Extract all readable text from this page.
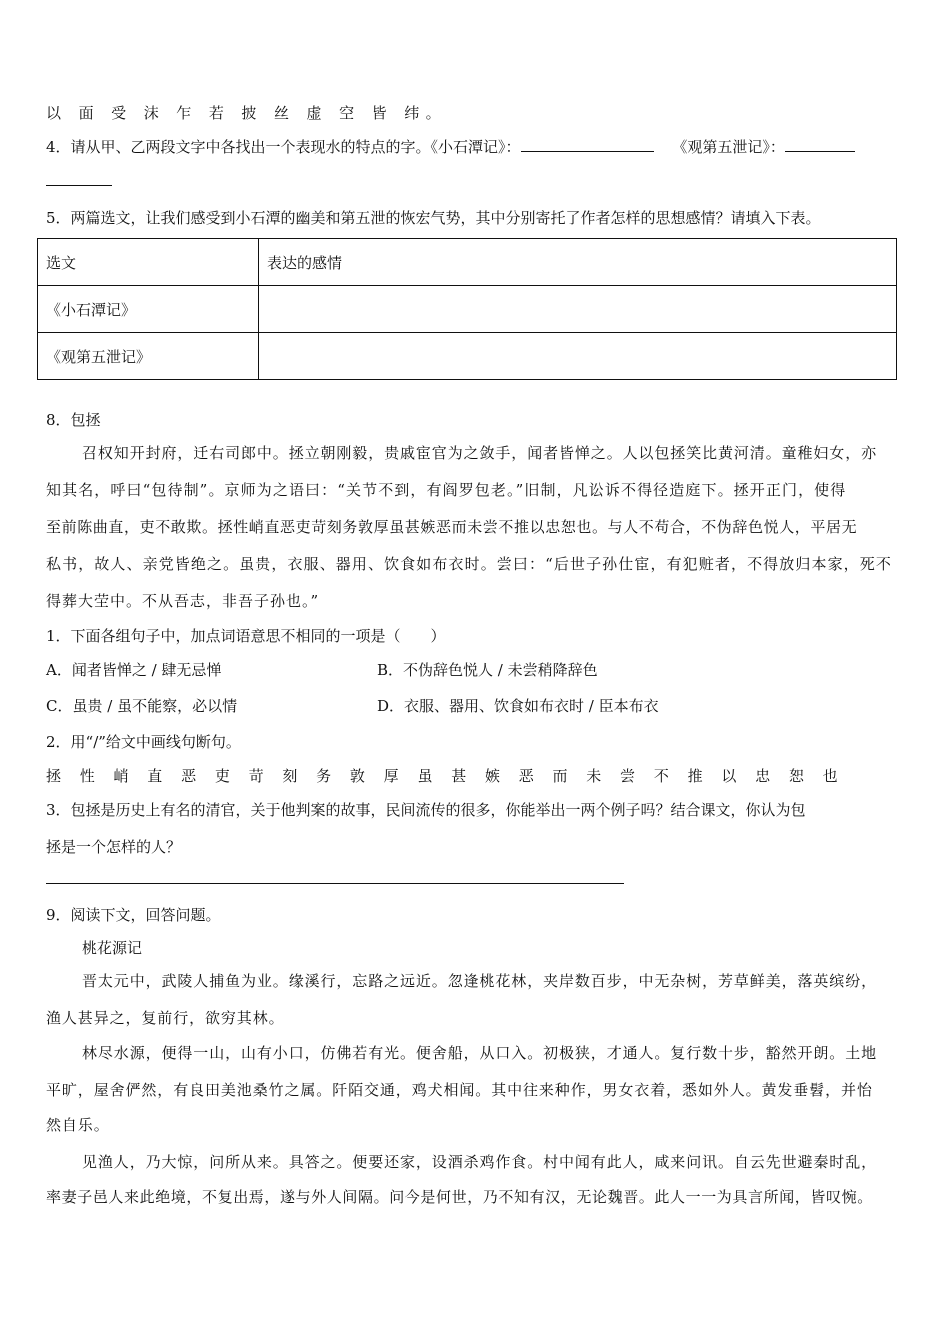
以 面 受 沫 乍 若 披 丝 虚 空 皆 纬。
4．请从甲、乙两段文字中各找出一个表现水的特点的字。《小石潭记》：	《观第五泄记》：
5．两篇选文，让我们感受到小石潭的幽美和第五泄的恢宏气势，其中分别寄托了作者怎样的思想感情？请填入下表。
选文	表达的感情
《小石潭记》	
《观第五泄记》	
8．包拯
召权知开封府，迁右司郎中。拯立朝刚毅，贵戚宦官为之敛手，闻者皆惮之。人以包拯笑比黄河清。童稚妇女，亦
知其名，呼曰“包待制”。京师为之语曰：“关节不到，有阎罗包老。”旧制，凡讼诉不得径造庭下。拯开正门，使得
至前陈曲直，吏不敢欺。拯性峭直恶吏苛刻务敦厚虽甚嫉恶而未尝不推以忠恕也。与人不苟合，不伪辞色悦人，平居无
私书，故人、亲党皆绝之。虽贵，衣服、器用、饮食如布衣时。尝曰：“后世子孙仕宦，有犯赃者，不得放归本家，死不
得葬大茔中。不从吾志，非吾子孙也。”
1．下面各组句子中，加点词语意思不相同的一项是（　　）
A．闻者皆惮之 / 肆无忌惮	B．不伪辞色悦人 / 未尝稍降辞色
C．虽贵 / 虽不能察，必以情	D．衣服、器用、饮食如布衣时 / 臣本布衣
2．用“/”给文中画线句断句。
拯 性 峭 直 恶 吏 苛 刻 务 敦 厚 虽 甚 嫉 恶 而 未 尝 不 推 以 忠 恕 也
3．包拯是历史上有名的清官，关于他判案的故事，民间流传的很多，你能举出一两个例子吗？结合课文，你认为包
拯是一个怎样的人？
9．阅读下文，回答问题。
桃花源记
晋太元中，武陵人捕鱼为业。缘溪行，忘路之远近。忽逢桃花林，夹岸数百步，中无杂树，芳草鲜美，落英缤纷，
渔人甚异之，复前行，欲穷其林。
林尽水源，便得一山，山有小口，仿佛若有光。便舍船，从口入。初极狭，才通人。复行数十步，豁然开朗。土地
平旷，屋舍俨然，有良田美池桑竹之属。阡陌交通，鸡犬相闻。其中往来种作，男女衣着，悉如外人。黄发垂髫，并怡
然自乐。
见渔人，乃大惊，问所从来。具答之。便要还家，设酒杀鸡作食。村中闻有此人，咸来问讯。自云先世避秦时乱，
率妻子邑人来此绝境，不复出焉，遂与外人间隔。问今是何世，乃不知有汉，无论魏晋。此人一一为具言所闻，皆叹惋。
